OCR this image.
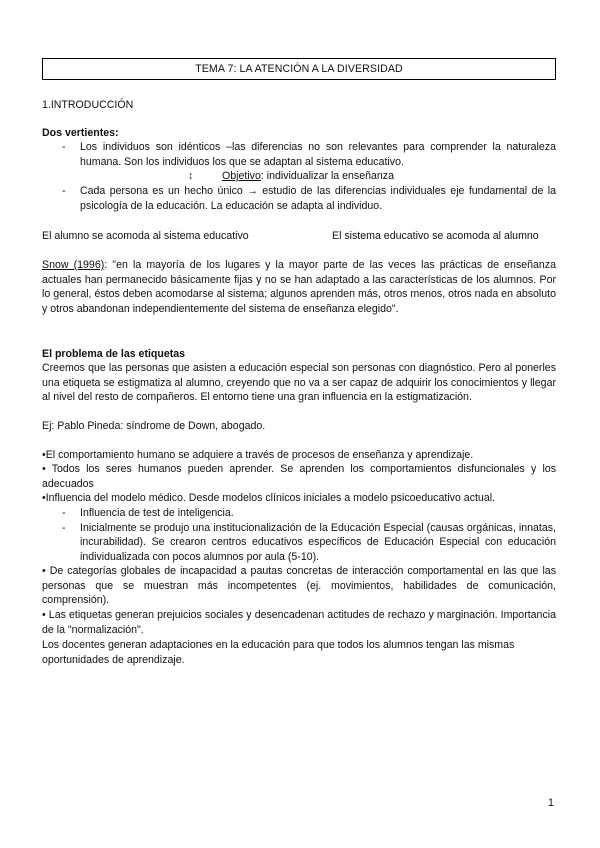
TEMA 7: LA ATENCIÓN A LA DIVERSIDAD
1.INTRODUCCIÓN
Dos vertientes:
- Los individuos son idénticos –las diferencias no son relevantes para comprender la naturaleza humana. Son los individuos los que se adaptan al sistema educativo.
↕	Objetivo: individualizar la enseñanza
- Cada persona es un hecho único → estudio de las diferencias individuales eje fundamental de la psicología de la educación. La educación se adapta al individuo.
El alumno se acomoda al sistema educativo	El sistema educativo se acomoda al alumno
Snow (1996): "en la mayoría de los lugares y la mayor parte de las veces las prácticas de enseñanza actuales han permanecido básicamente fijas y no se han adaptado a las características de los alumnos. Por lo general, éstos deben acomodarse al sistema; algunos aprenden más, otros menos, otros nada en absoluto y otros abandonan independientemente del sistema de enseñanza elegido".
El problema de las etiquetas
Creemos que las personas que asisten a educación especial son personas con diagnóstico. Pero al ponerles una etiqueta se estigmatiza al alumno, creyendo que no va a ser capaz de adquirir los conocimientos y llegar al nivel del resto de compañeros. El entorno tiene una gran influencia en la estigmatización.
Ej: Pablo Pineda: síndrome de Down, abogado.
•El comportamiento humano se adquiere a través de procesos de enseñanza y aprendizaje.
• Todos los seres humanos pueden aprender. Se aprenden los comportamientos disfuncionales y los adecuados
•Influencia del modelo médico. Desde modelos clínicos iniciales a modelo psicoeducativo actual.
- Influencia de test de inteligencia.
- Inicialmente se produjo una institucionalización de la Educación Especial (causas orgánicas, innatas, incurabilidad). Se crearon centros educativos específicos de Educación Especial con educación individualizada con pocos alumnos por aula (5-10).
• De categorías globales de incapacidad a pautas concretas de interacción comportamental en las que las personas que se muestran más incompetentes (ej. movimientos, habilidades de comunicación, comprensión).
• Las etiquetas generan prejuicios sociales y desencadenan actitudes de rechazo y marginación. Importancia de la "normalización".
Los docentes generan adaptaciones en la educación para que todos los alumnos tengan las mismas oportunidades de aprendizaje.
1
